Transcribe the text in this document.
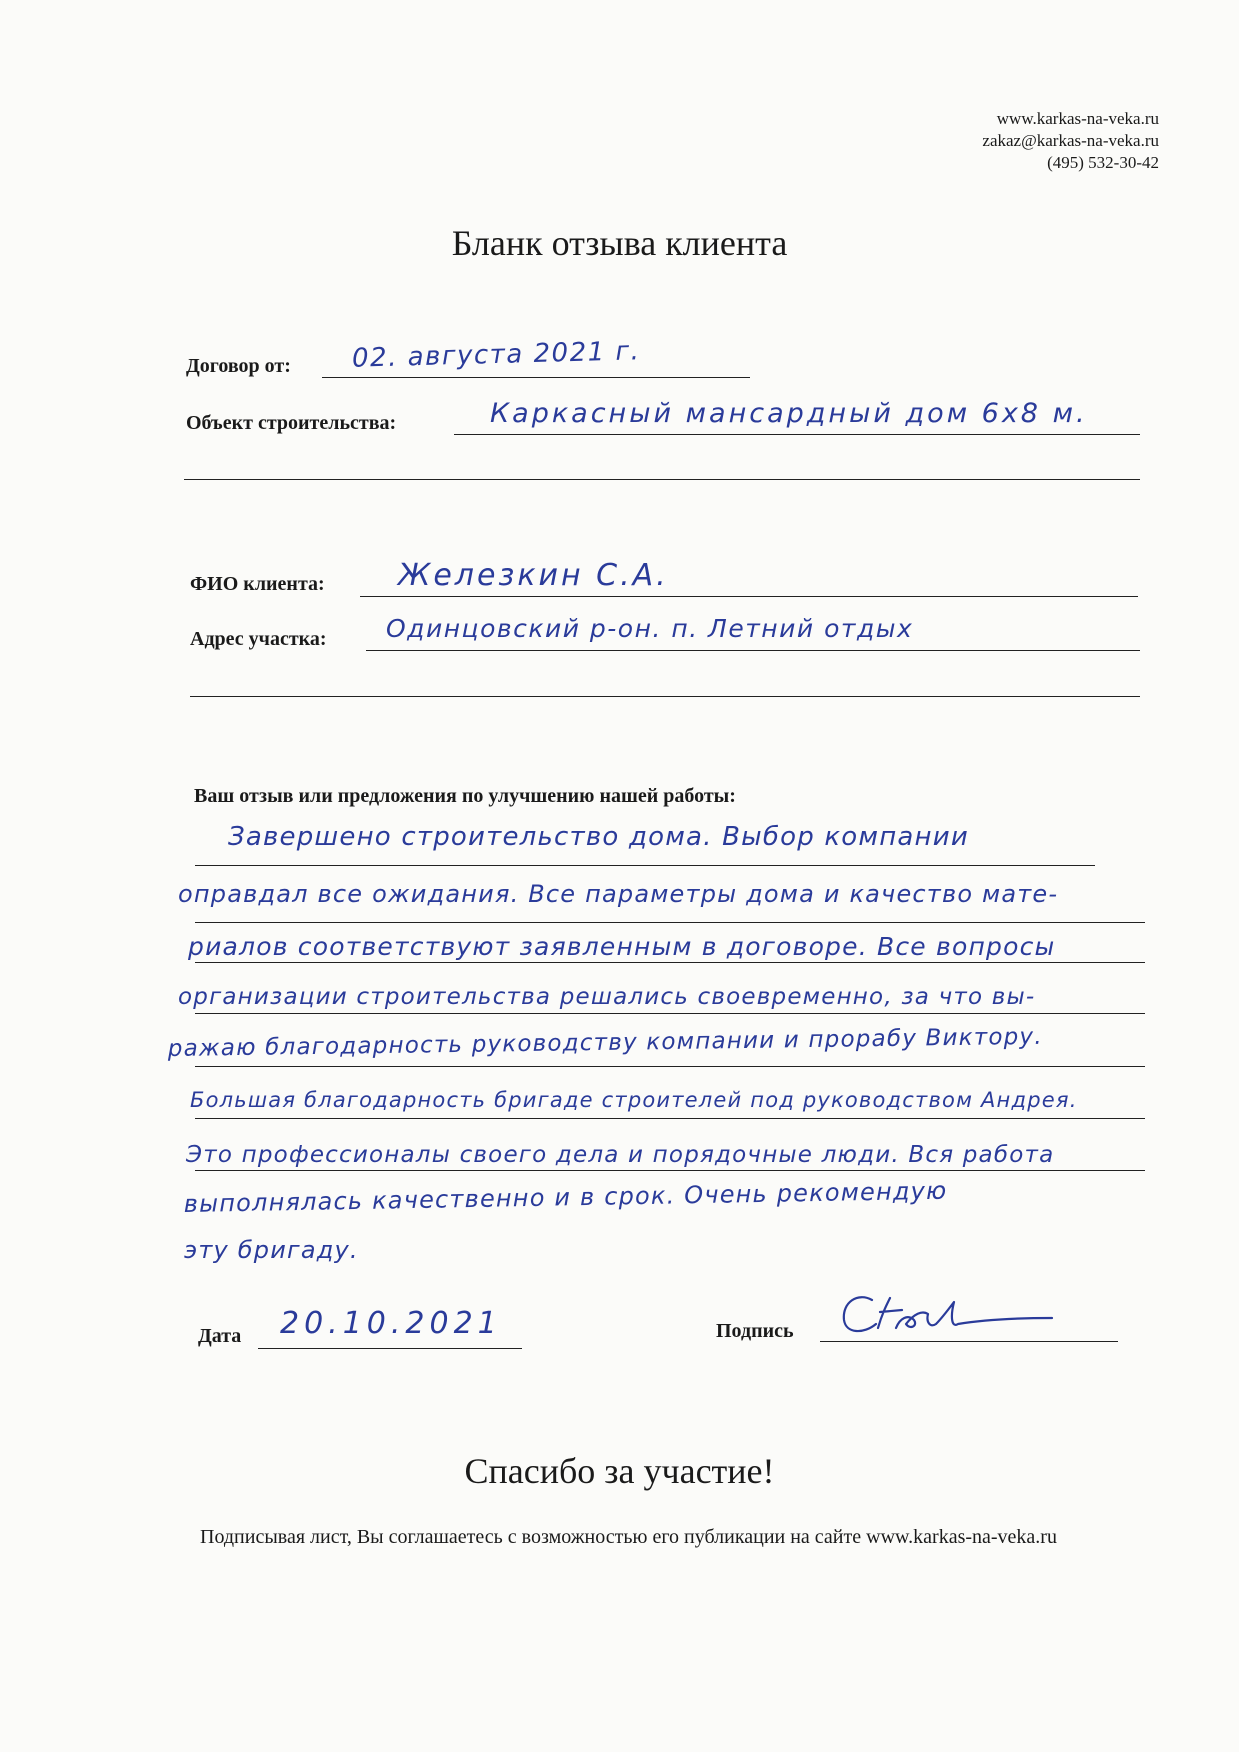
www.karkas-na-veka.ru
zakaz@karkas-na-veka.ru
(495) 532-30-42
Бланк отзыва клиента
Договор от: 02. августа 2021 г.
Объект строительства:	Каркасный мансардный дом 6х8 м.
ФИО клиента: Железкин С.А.
Адрес участка: Одинцовский р-он. п. Летний отдых
Ваш отзыв или предложения по улучшению нашей работы:
Завершено строительство дома. Выбор компании
оправдал все ожидания. Все параметры дома и качество мате-
риалов соответствуют заявленным в договоре. Все вопросы
организации строительства решались своевременно, за что вы-
ражаю благодарность руководству компании и прорабу Виктору.
Большая благодарность бригаде строителей под руководством Андрея.
Это профессионалы своего дела и порядочные люди. Вся работа
выполнялась качественно и в срок. Очень рекомендую
эту бригаду.
Дата 20.10.2021	Подпись
Спасибо за участие!
Подписывая лист, Вы соглашаетесь с возможностью его публикации на сайте www.karkas-na-veka.ru
